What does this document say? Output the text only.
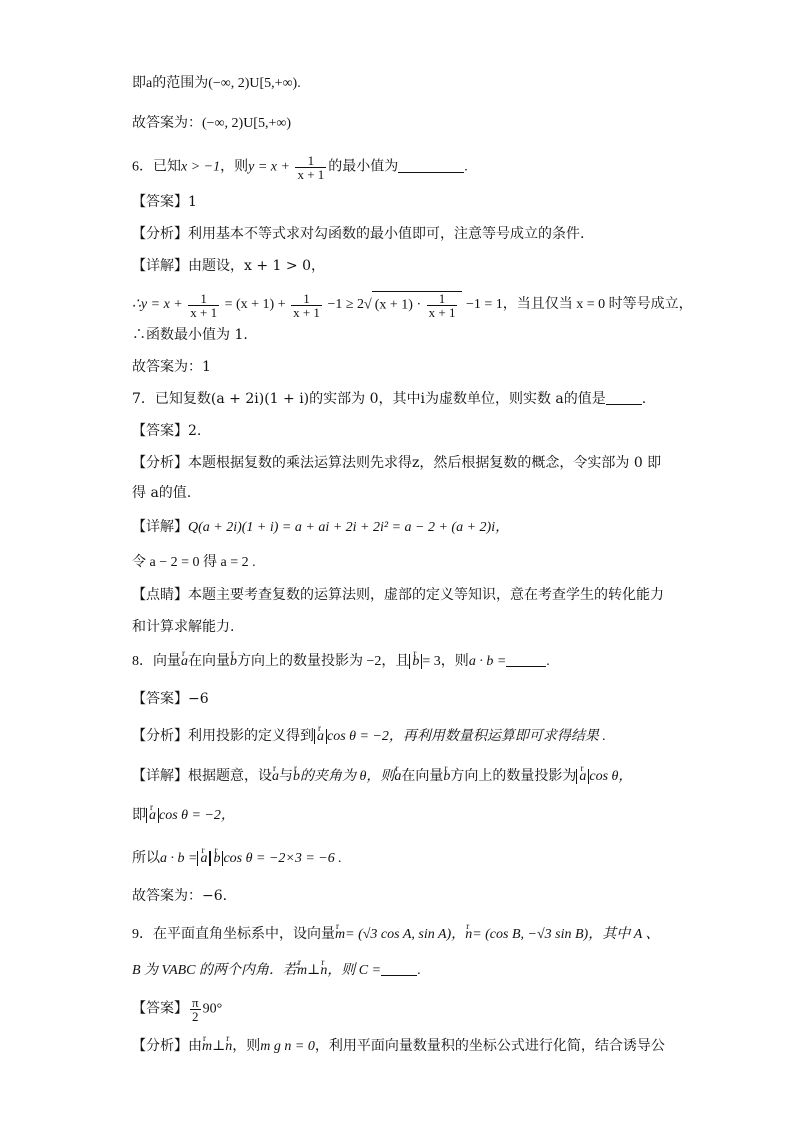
即a的范围为(−∞, 2)U[5,+∞).
故答案为：(−∞, 2)U[5,+∞)
6．已知x > −1，则$y = x + \frac{1}{x + 1}$ 的最小值为	.
【答案】1
【分析】利用基本不等式求对勾函数的最小值即可，注意等号成立的条件.
【详解】由题设，x + 1 > 0，
∴y = $x + \frac{1}{x + 1} = (x + 1) + \frac{1}{x + 1} -1 \ge 2√$ $(x + 1) \cdot \frac{1}{x + 1} -1 = 1$，当且仅当 x = 0 时等号成立，
∴函数最小值为 1.
故答案为：1
7．已知复数(a + 2i)(1 + i)的实部为 0，其中i为虚数单位，则实数 a的值是	.
【答案】2.
【分析】本题根据复数的乘法运算法则先求得z，然后根据复数的概念，令实部为 0 即
得 a的值.
【详解】Q(a + 2i)(1 + i) = a + ai + 2i + 2i² = a − 2 + (a + 2)i，
令 a − 2 = 0 得 a = 2 .
【点睛】本题主要考查复数的运算法则，虚部的定义等知识，意在考查学生的转化能力
和计算求解能力.
8．向量r a在向量r b方向上的数量投影为 −2，且 r b = 3，则a · b =	.
【答案】−6
【分析】利用投影的定义得到 r a cos θ = −2，再利用数量积运算即可求得结果 .
【详解】根据题意，设r a与r b的夹角为 θ，则r a在向量r b方向上的数量投影为 r a cos θ，
即 r a cos θ = −2，
所以a · b = r a r b cos θ = −2×3 = −6 .
故答案为：−6.
9．在平面直角坐标系中，设向量r m= (√3 cos A, sin A)，r n= (cos B, −√3 sin B)，其中 A 、
B 为 VABC 的两个内角．若r m⊥r n，则 C =	.
【答案】 $\frac{\pi}{2} 90^\circ$
【分析】由r m⊥r n，则m g n = 0，利用平面向量数量积的坐标公式进行化简，结合诱导公
